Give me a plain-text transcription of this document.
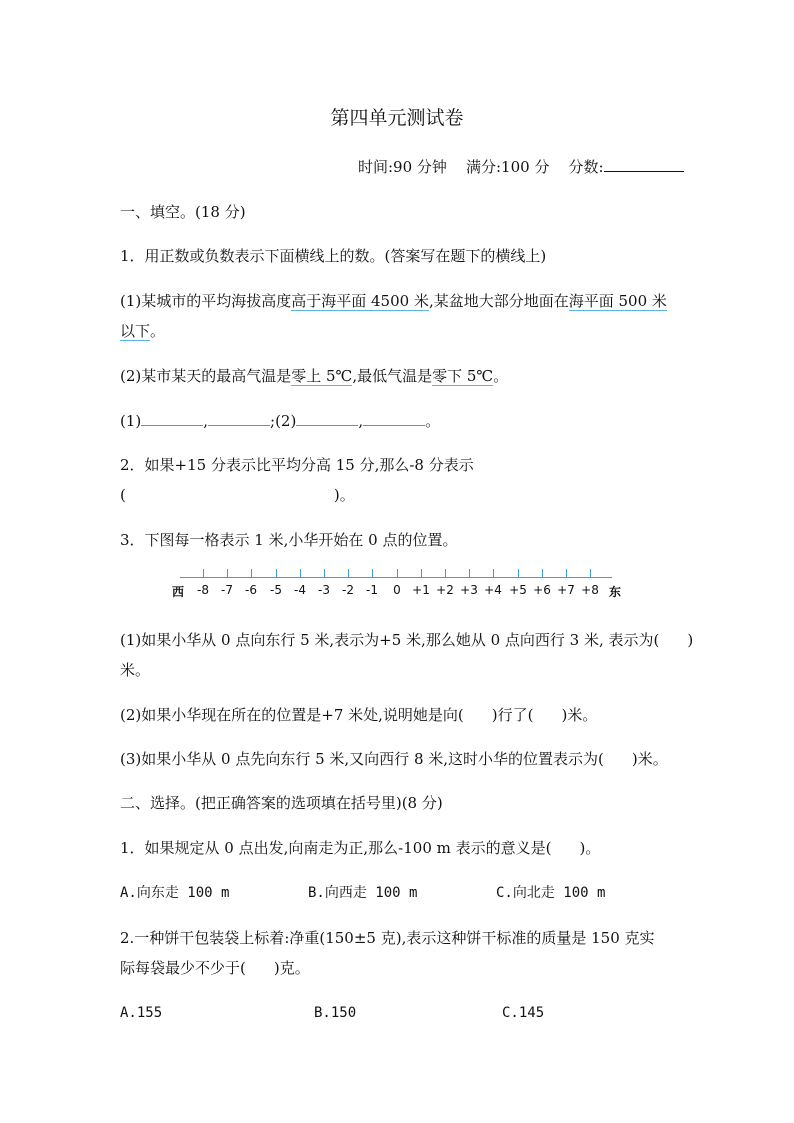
第四单元测试卷
时间:90 分钟 满分:100 分 分数:
一、填空。(18 分)
1．用正数或负数表示下面横线上的数。(答案写在题下的横线上)
(1)某城市的平均海拔高度高于海平面 4500 米,某盆地大部分地面在海平面 500 米
以下。
(2)某市某天的最高气温是零上 5℃,最低气温是零下 5℃。
(1)	,	;(2)	,	。
2．如果+15 分表示比平均分高 15 分,那么-8 分表示
(	)。
3．下图每一格表示 1 米,小华开始在 0 点的位置。
-8	-7	-6	-5	-4	-3	-2	-1	0 +1 +2 +3 +4 +5 +6 +7 +8
西	东
(1)如果小华从 0 点向东行 5 米,表示为+5 米,那么她从 0 点向西行 3 米, 表示为( )
米。
(2)如果小华现在所在的位置是+7 米处,说明她是向( )行了( )米。
(3)如果小华从 0 点先向东行 5 米,又向西行 8 米,这时小华的位置表示为( )米。
二、选择。(把正确答案的选项填在括号里)(8 分)
1．如果规定从 0 点出发,向南走为正,那么-100 m 表示的意义是( )。
A.向东走 100 m	B.向西走 100 m	C.向北走 100 m
2.一种饼干包装袋上标着:净重(150±5 克),表示这种饼干标准的质量是 150 克实
际每袋最少不少于( )克。
A.155	B.150	C.145
